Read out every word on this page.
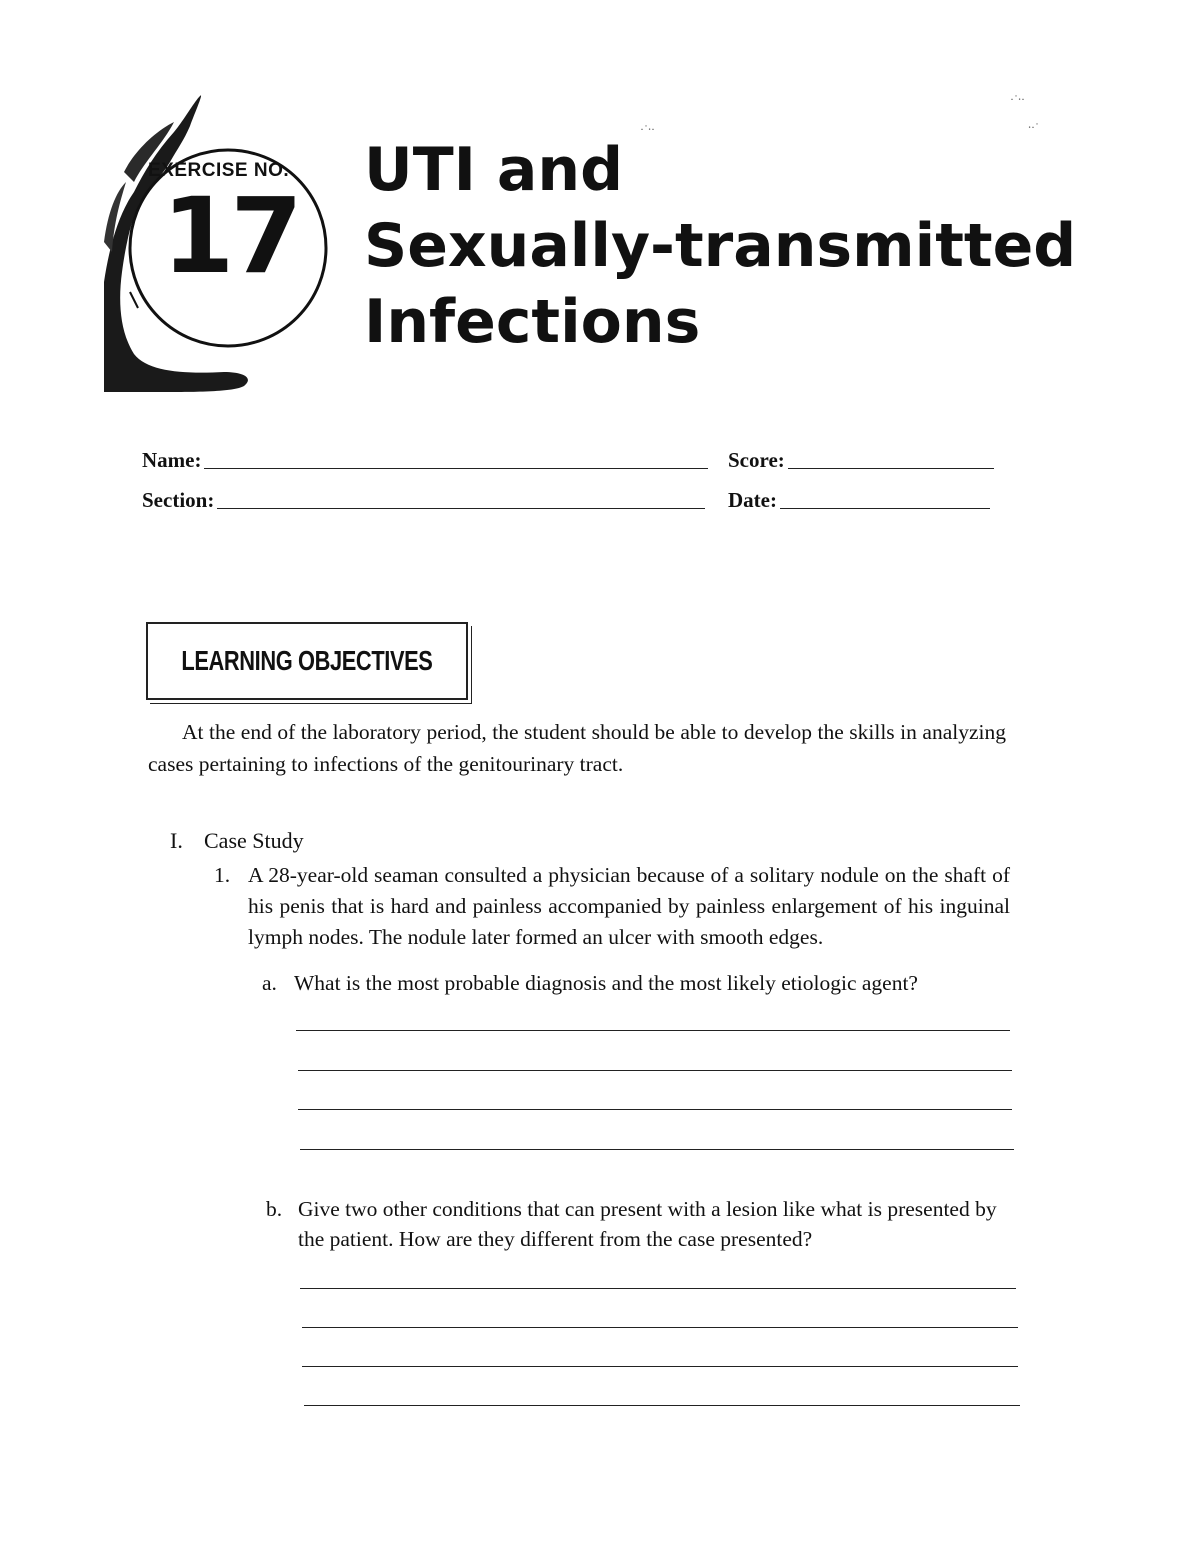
EXERCISE NO.
17
UTI and
Sexually-transmitted
Infections
·˙∙·
∙·˙
·˙∙·
Name:	Score:
Section:	Date:
LEARNING OBJECTIVES
At the end of the laboratory period, the student should be able to develop the skills in analyzing cases pertaining to infections of the genitourinary tract.
I. Case Study
1. A 28-year-old seaman consulted a physician because of a solitary nodule on the shaft of his penis that is hard and painless accompanied by painless enlargement of his inguinal lymph nodes. The nodule later formed an ulcer with smooth edges.
a. What is the most probable diagnosis and the most likely etiologic agent?
b. Give two other conditions that can present with a lesion like what is presented by the patient. How are they different from the case presented?
